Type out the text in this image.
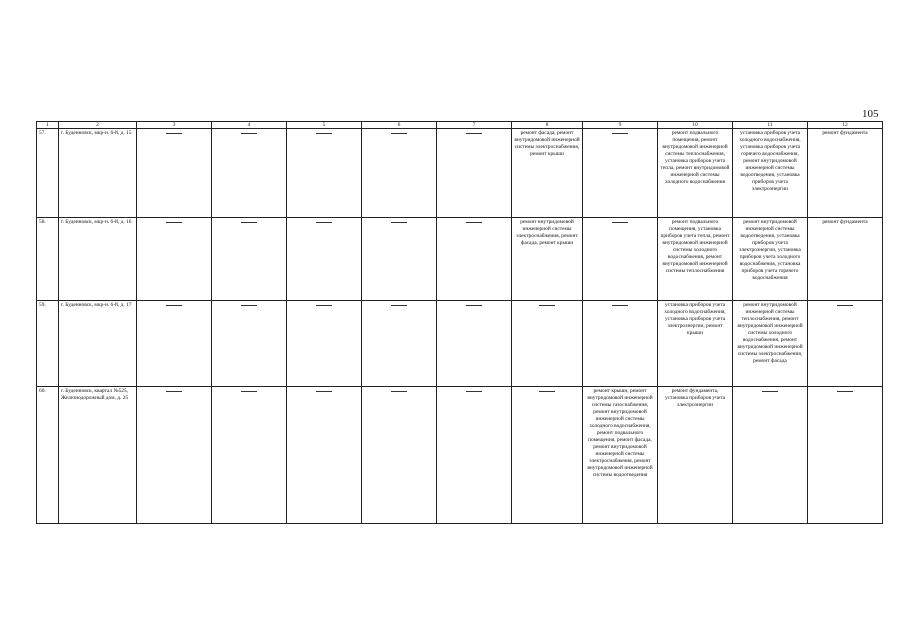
105
1	2	3	4	5	6	7	8	9	10	11	12
57.	г. Буденновск, мкр-н. 6-й, д. 15						ремонт фасада, ремонт внутридомовой инженерной системы электроснабжения, ремонт крыши		ремонт подвального помещения, ремонт внутридомовой инженерной системы теплоснабжения, установка приборов учета тепла, ремонт внутридомовой инженерной системы холодного водоснабжения	установка приборов учета холодного водоснабжения, установка приборов учета горячего водоснабжения, ремонт внутридомовой инженерной системы водоотведения, установка приборов учета электроэнергии	ремонт фундамента
58.	г. Буденновск, мкр-н. 6-й, д. 16						ремонт внутридомовой инженерной системы электроснабжения, ремонт фасада, ремонт крыши		ремонт подвального помещения, установка приборов учета тепла, ремонт внутридомовой инженерной системы холодного водоснабжения, ремонт внутридомовой инженерной системы теплоснабжения	ремонт внутридомовой инженерной системы водоотведения, установка приборов учета электроэнергии, установка приборов учета холодного водоснабжения, установка приборов учета горячего водоснабжения	ремонт фундамента
59.	г. Буденновск, мкр-н. 6-й, д. 17								установка приборов учета холодного водоснабжения, установка приборов учета электроэнергии, ремонт крыши	ремонт внутридомовой инженерной системы теплоснабжения, ремонт внутридомовой инженерной системы холодного водоснабжения, ремонт внутридомовой инженерной системы электроснабжения, ремонт фасада	
60.	г. Буденновск, квартал №525, Железнодорожный дом, д. 25							ремонт крыши, ремонт внутридомовой инженерной системы газоснабжения, ремонт внутридомовой инженерной системы холодного водоснабжения, ремонт подвального помещения, ремонт фасада, ремонт внутридомовой инженерной системы электроснабжения, ремонт внутридомовой инженерной системы водоотведения	ремонт фундамента, установка приборов учета электроэнергии		
